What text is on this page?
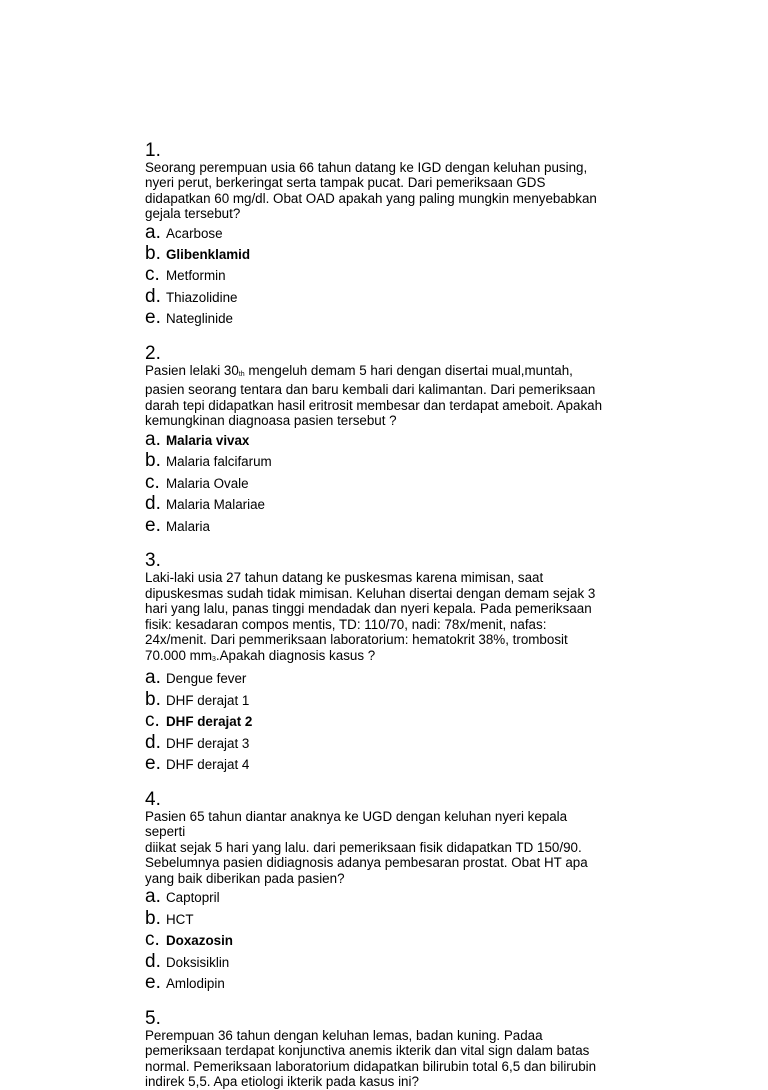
1.
Seorang perempuan usia 66 tahun datang ke IGD dengan keluhan pusing,

nyeri perut, berkeringat serta tampak pucat. Dari pemeriksaan GDS
didapatkan 60 mg/dl. Obat OAD apakah yang paling mungkin menyebabkan
gejala tersebut?
a. Acarbose
b. Glibenklamid
c. Metformin
d. Thiazolidine
e. Nateglinide

2.
Pasien lelaki 30th mengeluh demam 5 hari dengan disertai mual,muntah,

pasien seorang tentara dan baru kembali dari kalimantan. Dari pemeriksaan
darah tepi didapatkan hasil eritrosit membesar dan terdapat ameboit. Apakah
kemungkinan diagnoasa pasien tersebut ?
a. Malaria vivax
b. Malaria falcifarum
c. Malaria Ovale
d. Malaria Malariae
e. Malaria

3.
Laki-laki usia 27 tahun datang ke puskesmas karena mimisan, saat

dipuskesmas sudah tidak mimisan. Keluhan disertai dengan demam sejak 3
hari yang lalu, panas tinggi mendadak dan nyeri kepala. Pada pemeriksaan
fisik: kesadaran compos mentis, TD: 110/70, nadi: 78x/menit, nafas:
24x/menit. Dari pemmeriksaan laboratorium: hematokrit 38%, trombosit
70.000 mm3.Apakah diagnosis kasus ?
a. Dengue fever
b. DHF derajat 1
c. DHF derajat 2
d. DHF derajat 3
e. DHF derajat 4

4.
Pasien 65 tahun diantar anaknya ke UGD dengan keluhan nyeri kepala

seperti
diikat sejak 5 hari yang lalu. dari pemeriksaan fisik didapatkan TD 150/90.
Sebelumnya pasien didiagnosis adanya pembesaran prostat. Obat HT apa
yang baik diberikan pada pasien?
a. Captopril
b. HCT
c. Doxazosin
d. Doksisiklin
e. Amlodipin

5.
Perempuan 36 tahun dengan keluhan lemas, badan kuning. Padaa

pemeriksaan terdapat konjunctiva anemis ikterik dan vital sign dalam batas
normal. Pemeriksaan laboratorium didapatkan bilirubin total 6,5 dan bilirubin
indirek 5,5. Apa etiologi ikterik pada kasus ini?
